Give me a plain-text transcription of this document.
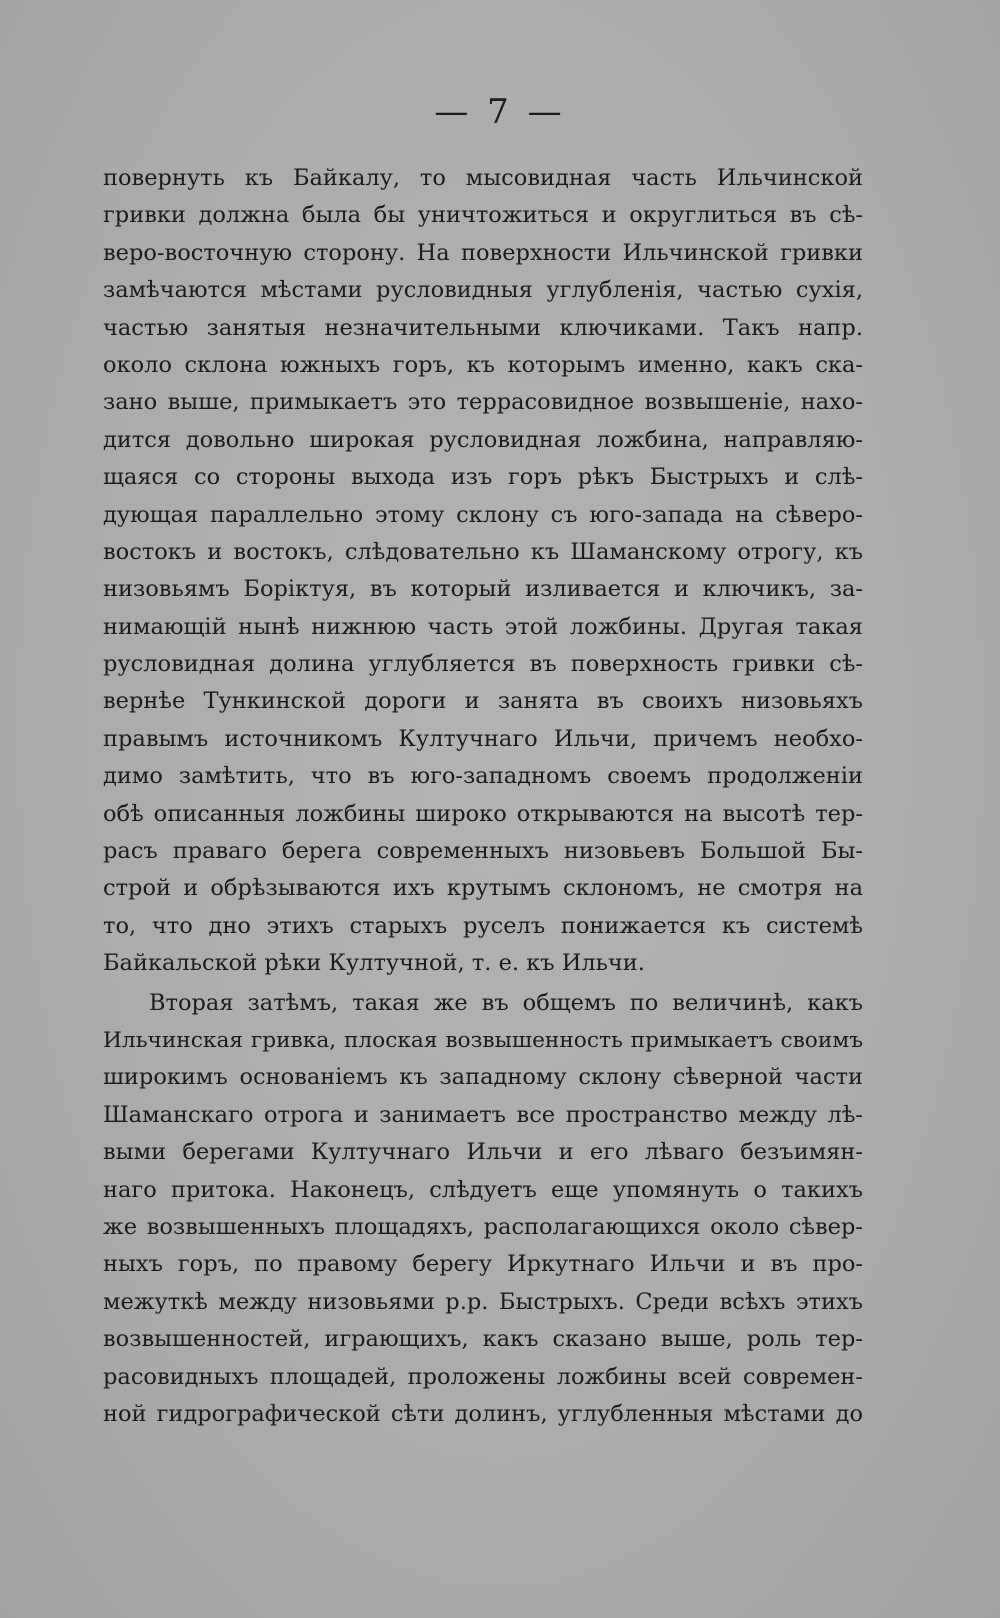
— 7 —
повернуть къ Байкалу, то мысовидная часть Ильчинской
гривки должна была бы уничтожиться и округлиться въ сѣ-
веро-восточную сторону. На поверхности Ильчинской гривки
замѣчаются мѣстами русловидныя углубленія, частью сухія,
частью занятыя незначительными ключиками. Такъ напр.
около склона южныхъ горъ, къ которымъ именно, какъ ска-
зано выше, примыкаетъ это террасовидное возвышеніе, нахо-
дится довольно широкая русловидная ложбина, направляю-
щаяся со стороны выхода изъ горъ рѣкъ Быстрыхъ и слѣ-
дующая параллельно этому склону съ юго-запада на сѣверо-
востокъ и востокъ, слѣдовательно къ Шаманскому отрогу, къ
низовьямъ Борiктуя, въ который изливается и ключикъ, за-
нимающій нынѣ нижнюю часть этой ложбины. Другая такая
русловидная долина углубляется въ поверхность гривки сѣ-
вернѣе Тункинской дороги и занята въ своихъ низовьяхъ
правымъ источникомъ Култучнаго Ильчи, причемъ необхо-
димо замѣтить, что въ юго-западномъ своемъ продолженіи
обѣ описанныя ложбины широко открываются на высотѣ тер-
расъ праваго берега современныхъ низовьевъ Большой Бы-
строй и обрѣзываются ихъ крутымъ склономъ, не смотря на
то, что дно этихъ старыхъ руселъ понижается къ системѣ
Байкальской рѣки Култучной, т. е. къ Ильчи.
Вторая затѣмъ, такая же въ общемъ по величинѣ, какъ
Ильчинская гривка, плоская возвышенность примыкаетъ своимъ
широкимъ основаніемъ къ западному склону сѣверной части
Шаманскаго отрога и занимаетъ все пространство между лѣ-
выми берегами Култучнаго Ильчи и его лѣваго безъимян-
наго притока. Наконецъ, слѣдуетъ еще упомянуть о такихъ
же возвышенныхъ площадяхъ, располагающихся около сѣвер-
ныхъ горъ, по правому берегу Иркутнаго Ильчи и въ про-
межуткѣ между низовьями р.р. Быстрыхъ. Среди всѣхъ этихъ
возвышенностей, играющихъ, какъ сказано выше, роль тер-
расовидныхъ площадей, проложены ложбины всей современ-
ной гидрографической сѣти долинъ, углубленныя мѣстами до
